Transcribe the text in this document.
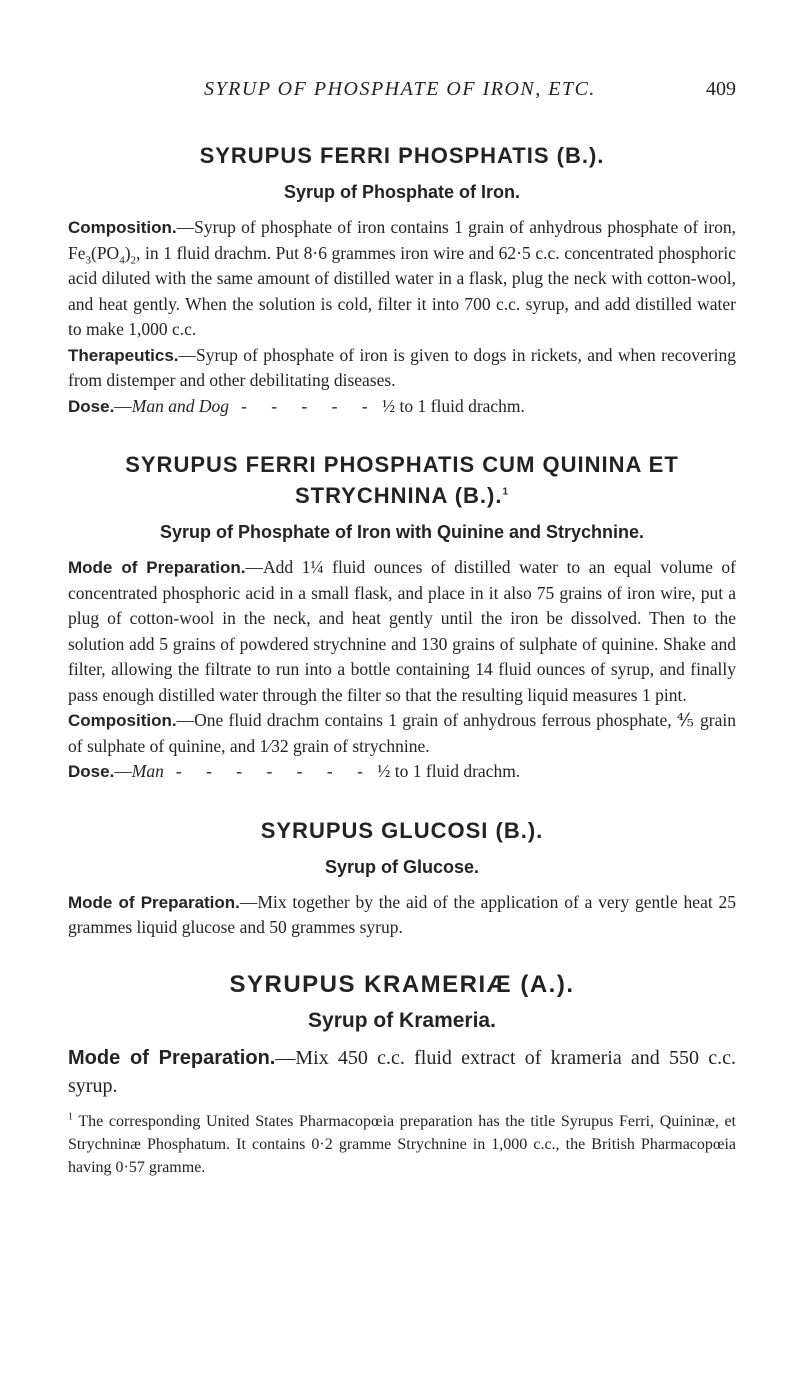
SYRUP OF PHOSPHATE OF IRON, ETC.	409
SYRUPUS FERRI PHOSPHATIS (B.).
Syrup of Phosphate of Iron.

Composition.—Syrup of phosphate of iron contains 1 grain of anhydrous phosphate of iron, $Fe_3(PO_4)_2$, in 1 fluid drachm. Put 8·6 grammes iron wire and 62·5 c.c. concentrated phosphoric acid diluted with the same amount of distilled water in a flask, plug the neck with cotton-wool, and heat gently. When the solution is cold, filter it into 700 c.c. syrup, and add distilled water to make 1,000 c.c.

Therapeutics.—Syrup of phosphate of iron is given to dogs in rickets, and when recovering from distemper and other debilitating diseases.

Dose.—Man and Dog - - - - - ½ to 1 fluid drachm.

SYRUPUS FERRI PHOSPHATIS CUM QUININA ET
STRYCHNINA (B.).$^1$
Syrup of Phosphate of Iron with Quinine and Strychnine.

Mode of Preparation.—Add 1¼ fluid ounces of distilled water to an equal volume of concentrated phosphoric acid in a small flask, and place in it also 75 grains of iron wire, put a plug of cotton-wool in the neck, and heat gently until the iron be dissolved. Then to the solution add 5 grains of powdered strychnine and 130 grains of sulphate of quinine. Shake and filter, allowing the filtrate to run into a bottle containing 14 fluid ounces of syrup, and finally pass enough distilled water through the filter so that the resulting liquid measures 1 pint.

Composition.—One fluid drachm contains 1 grain of anhydrous ferrous phosphate, ⅘ grain of sulphate of quinine, and 1⁄32 grain of strychnine.

Dose.—Man - - - - - - - ½ to 1 fluid drachm.

SYRUPUS GLUCOSI (B.).
Syrup of Glucose.

Mode of Preparation.—Mix together by the aid of the application of a very gentle heat 25 grammes liquid glucose and 50 grammes syrup.

SYRUPUS KRAMERIÆ (A.).
Syrup of Krameria.

Mode of Preparation.—Mix 450 c.c. fluid extract of krameria and 550 c.c. syrup.

$^1$ The corresponding United States Pharmacopœia preparation has the title Syrupus Ferri, Quininæ, et Strychninæ Phosphatum. It contains 0·2 gramme Strychnine in 1,000 c.c., the British Pharmacopœia having 0·57 gramme.
